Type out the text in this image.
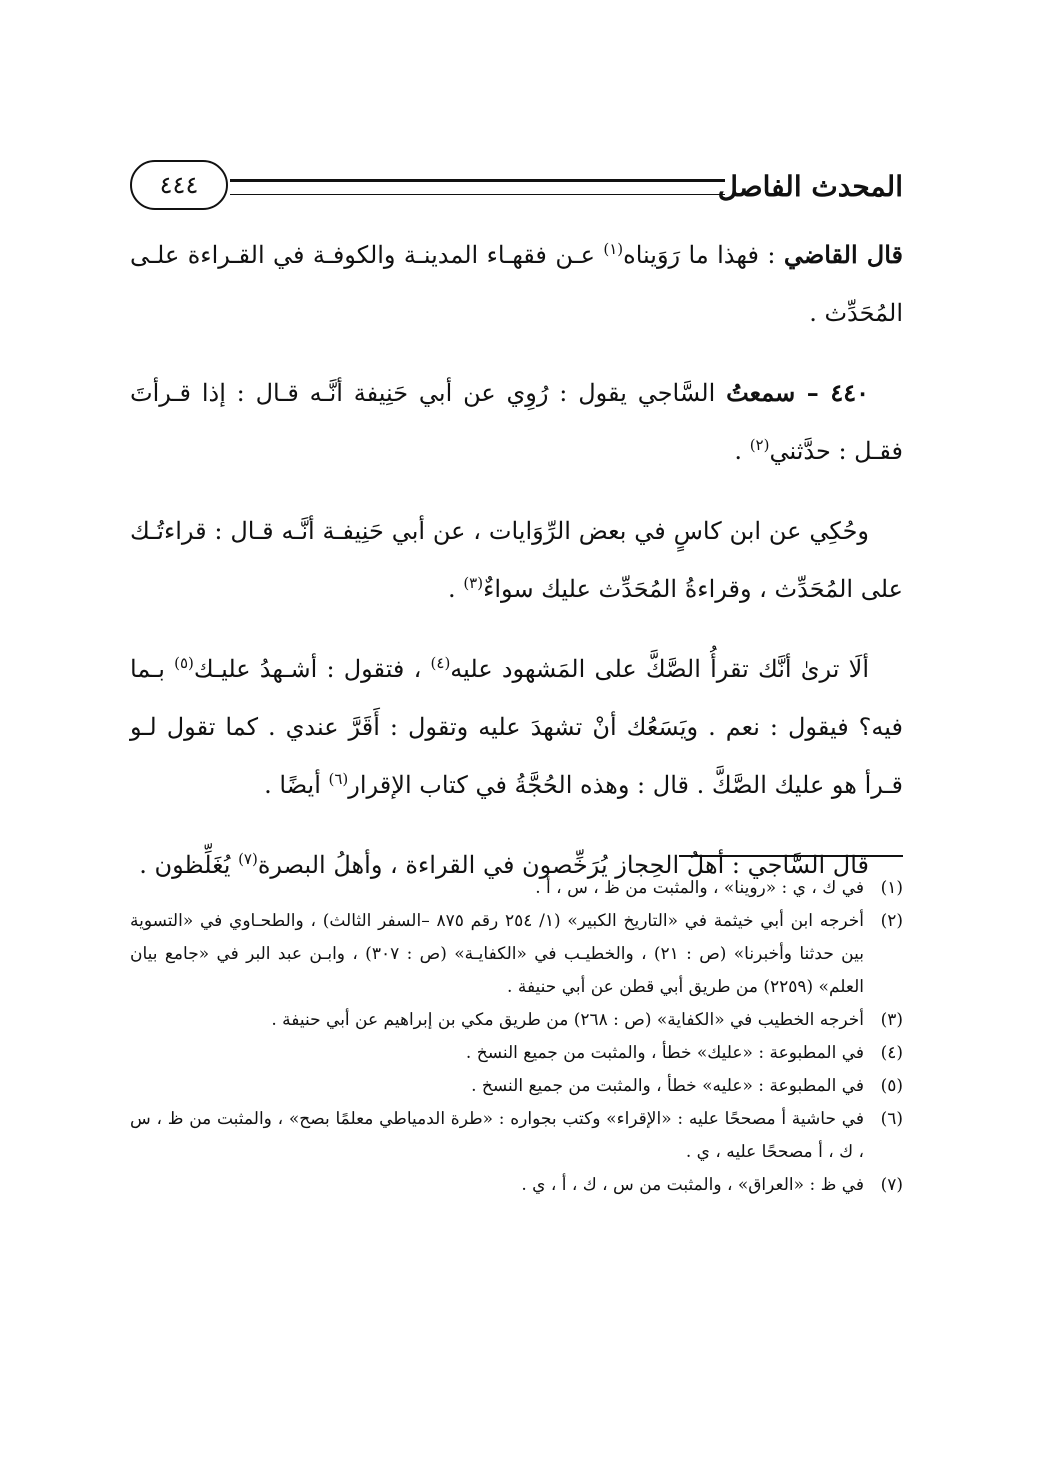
المحدث الفاصل
٤٤٤

قال القاضي : فهذا ما رَوَيناه$^{(١)}$ عـن فقهـاء المدينـة والكوفـة في القـراءة علـى المُحَدِّث .

٤٤٠ – سمعتُ السَّاجي يقول : رُوِي عن أبي حَنِيفة أنَّـه قـال : إذا قـرأتَ فقـل : حدَّثني$^{(٢)}$ .

وحُكِي عن ابن كاسٍ في بعض الرِّوَايات ، عن أبي حَنِيفـة أنَّـه قـال : قراءتُـك على المُحَدِّث ، وقراءةُ المُحَدِّث عليك سواءٌ$^{(٣)}$ .

ألَا ترىٰ أنَّك تقرأُ الصَّكَّ على المَشهود عليه$^{(٤)}$ ، فتقول : أشـهدُ عليـك$^{(٥)}$ بـما فيه؟ فيقول : نعم . ويَسَعُك أنْ تشهدَ عليه وتقول : أَقَرَّ عندي . كما تقول لـو قـرأ هو عليك الصَّكَّ . قال : وهذه الحُجَّةُ في كتاب الإقرار$^{(٦)}$ أيضًا .

قال السَّاجي : أهلُ الحِجاز يُرَخِّصون في القراءة ، وأهلُ البصرة$^{(٧)}$ يُغَلِّظون .

(١)
في ك ، ي : «روينا» ، والمثبت من ظ ، س ، أ .
(٢)
أخرجه ابن أبي خيثمة في «التاريخ الكبير» (١/ ٢٥٤ رقم ٨٧٥ –السفر الثالث) ، والطحـاوي في «التسوية بين حدثنا وأخبرنا» (ص : ٢١) ، والخطيـب في «الكفايـة» (ص : ٣٠٧) ، وابـن عبد البر في «جامع بيان العلم» (٢٢٥٩) من طريق أبي قطن عن أبي حنيفة .
(٣)
أخرجه الخطيب في «الكفاية» (ص : ٢٦٨) من طريق مكي بن إبراهيم عن أبي حنيفة .
(٤)
في المطبوعة : «عليك» خطأ ، والمثبت من جميع النسخ .
(٥)
في المطبوعة : «عليه» خطأ ، والمثبت من جميع النسخ .
(٦)
في حاشية أ مصححًا عليه : «الإقراء» وكتب بجواره : «طرة الدمياطي معلمًا بصح» ، والمثبت من ظ ، س ، ك ، أ مصححًا عليه ، ي .
(٧)
في ظ : «العراق» ، والمثبت من س ، ك ، أ ، ي .
